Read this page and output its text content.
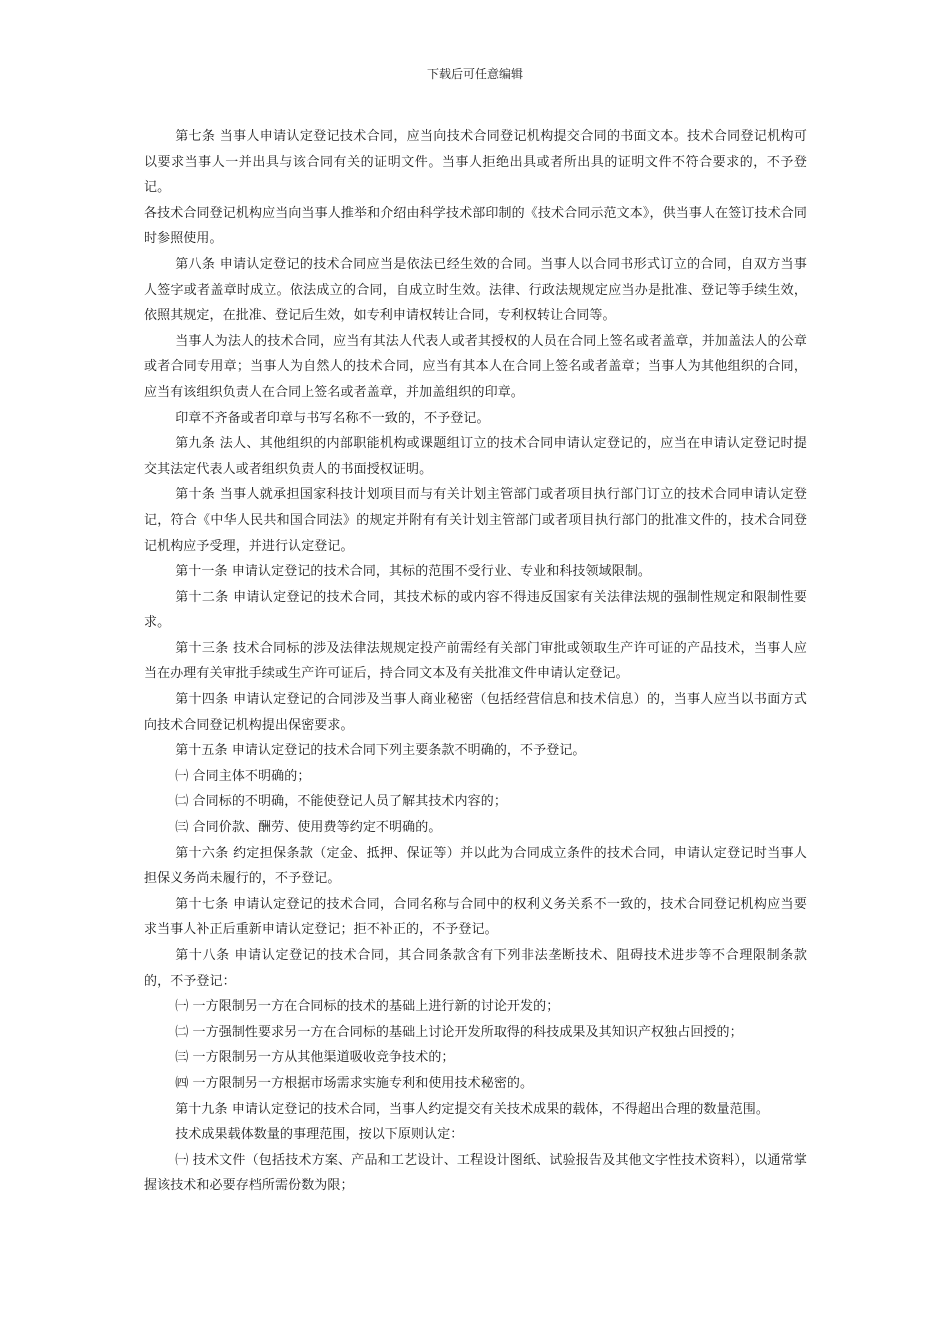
下载后可任意编辑

第七条 当事人申请认定登记技术合同，应当向技术合同登记机构提交合同的书面文本。技术合同登记机构可以要求当事人一并出具与该合同有关的证明文件。当事人拒绝出具或者所出具的证明文件不符合要求的，不予登记。

各技术合同登记机构应当向当事人推举和介绍由科学技术部印制的《技术合同示范文本》，供当事人在签订技术合同时参照使用。

第八条 申请认定登记的技术合同应当是依法已经生效的合同。当事人以合同书形式订立的合同，自双方当事人签字或者盖章时成立。依法成立的合同，自成立时生效。法律、行政法规规定应当办是批准、登记等手续生效，依照其规定，在批准、登记后生效，如专利申请权转让合同，专利权转让合同等。

当事人为法人的技术合同，应当有其法人代表人或者其授权的人员在合同上签名或者盖章，并加盖法人的公章或者合同专用章；当事人为自然人的技术合同，应当有其本人在合同上签名或者盖章；当事人为其他组织的合同，应当有该组织负责人在合同上签名或者盖章，并加盖组织的印章。

印章不齐备或者印章与书写名称不一致的，不予登记。

第九条 法人、其他组织的内部职能机构或课题组订立的技术合同申请认定登记的，应当在申请认定登记时提交其法定代表人或者组织负责人的书面授权证明。

第十条 当事人就承担国家科技计划项目而与有关计划主管部门或者项目执行部门订立的技术合同申请认定登记，符合《中华人民共和国合同法》的规定并附有有关计划主管部门或者项目执行部门的批准文件的，技术合同登记机构应予受理，并进行认定登记。

第十一条 申请认定登记的技术合同，其标的范围不受行业、专业和科技领域限制。

第十二条 申请认定登记的技术合同，其技术标的或内容不得违反国家有关法律法规的强制性规定和限制性要求。

第十三条 技术合同标的涉及法律法规规定投产前需经有关部门审批或领取生产许可证的产品技术，当事人应当在办理有关审批手续或生产许可证后，持合同文本及有关批准文件申请认定登记。

第十四条 申请认定登记的合同涉及当事人商业秘密（包括经营信息和技术信息）的，当事人应当以书面方式向技术合同登记机构提出保密要求。

第十五条 申请认定登记的技术合同下列主要条款不明确的，不予登记。

㈠ 合同主体不明确的；

㈡ 合同标的不明确，不能使登记人员了解其技术内容的；

㈢ 合同价款、酬劳、使用费等约定不明确的。

第十六条 约定担保条款（定金、抵押、保证等）并以此为合同成立条件的技术合同，申请认定登记时当事人担保义务尚未履行的，不予登记。

第十七条 申请认定登记的技术合同，合同名称与合同中的权利义务关系不一致的，技术合同登记机构应当要求当事人补正后重新申请认定登记；拒不补正的，不予登记。

第十八条 申请认定登记的技术合同，其合同条款含有下列非法垄断技术、阻碍技术进步等不合理限制条款的，不予登记：

㈠ 一方限制另一方在合同标的技术的基础上进行新的讨论开发的；

㈡ 一方强制性要求另一方在合同标的基础上讨论开发所取得的科技成果及其知识产权独占回授的；

㈢ 一方限制另一方从其他渠道吸收竞争技术的；

㈣ 一方限制另一方根据市场需求实施专利和使用技术秘密的。

第十九条 申请认定登记的技术合同，当事人约定提交有关技术成果的载体，不得超出合理的数量范围。

技术成果载体数量的事理范围，按以下原则认定：

㈠ 技术文件（包括技术方案、产品和工艺设计、工程设计图纸、试验报告及其他文字性技术资料），以通常掌握该技术和必要存档所需份数为限；
